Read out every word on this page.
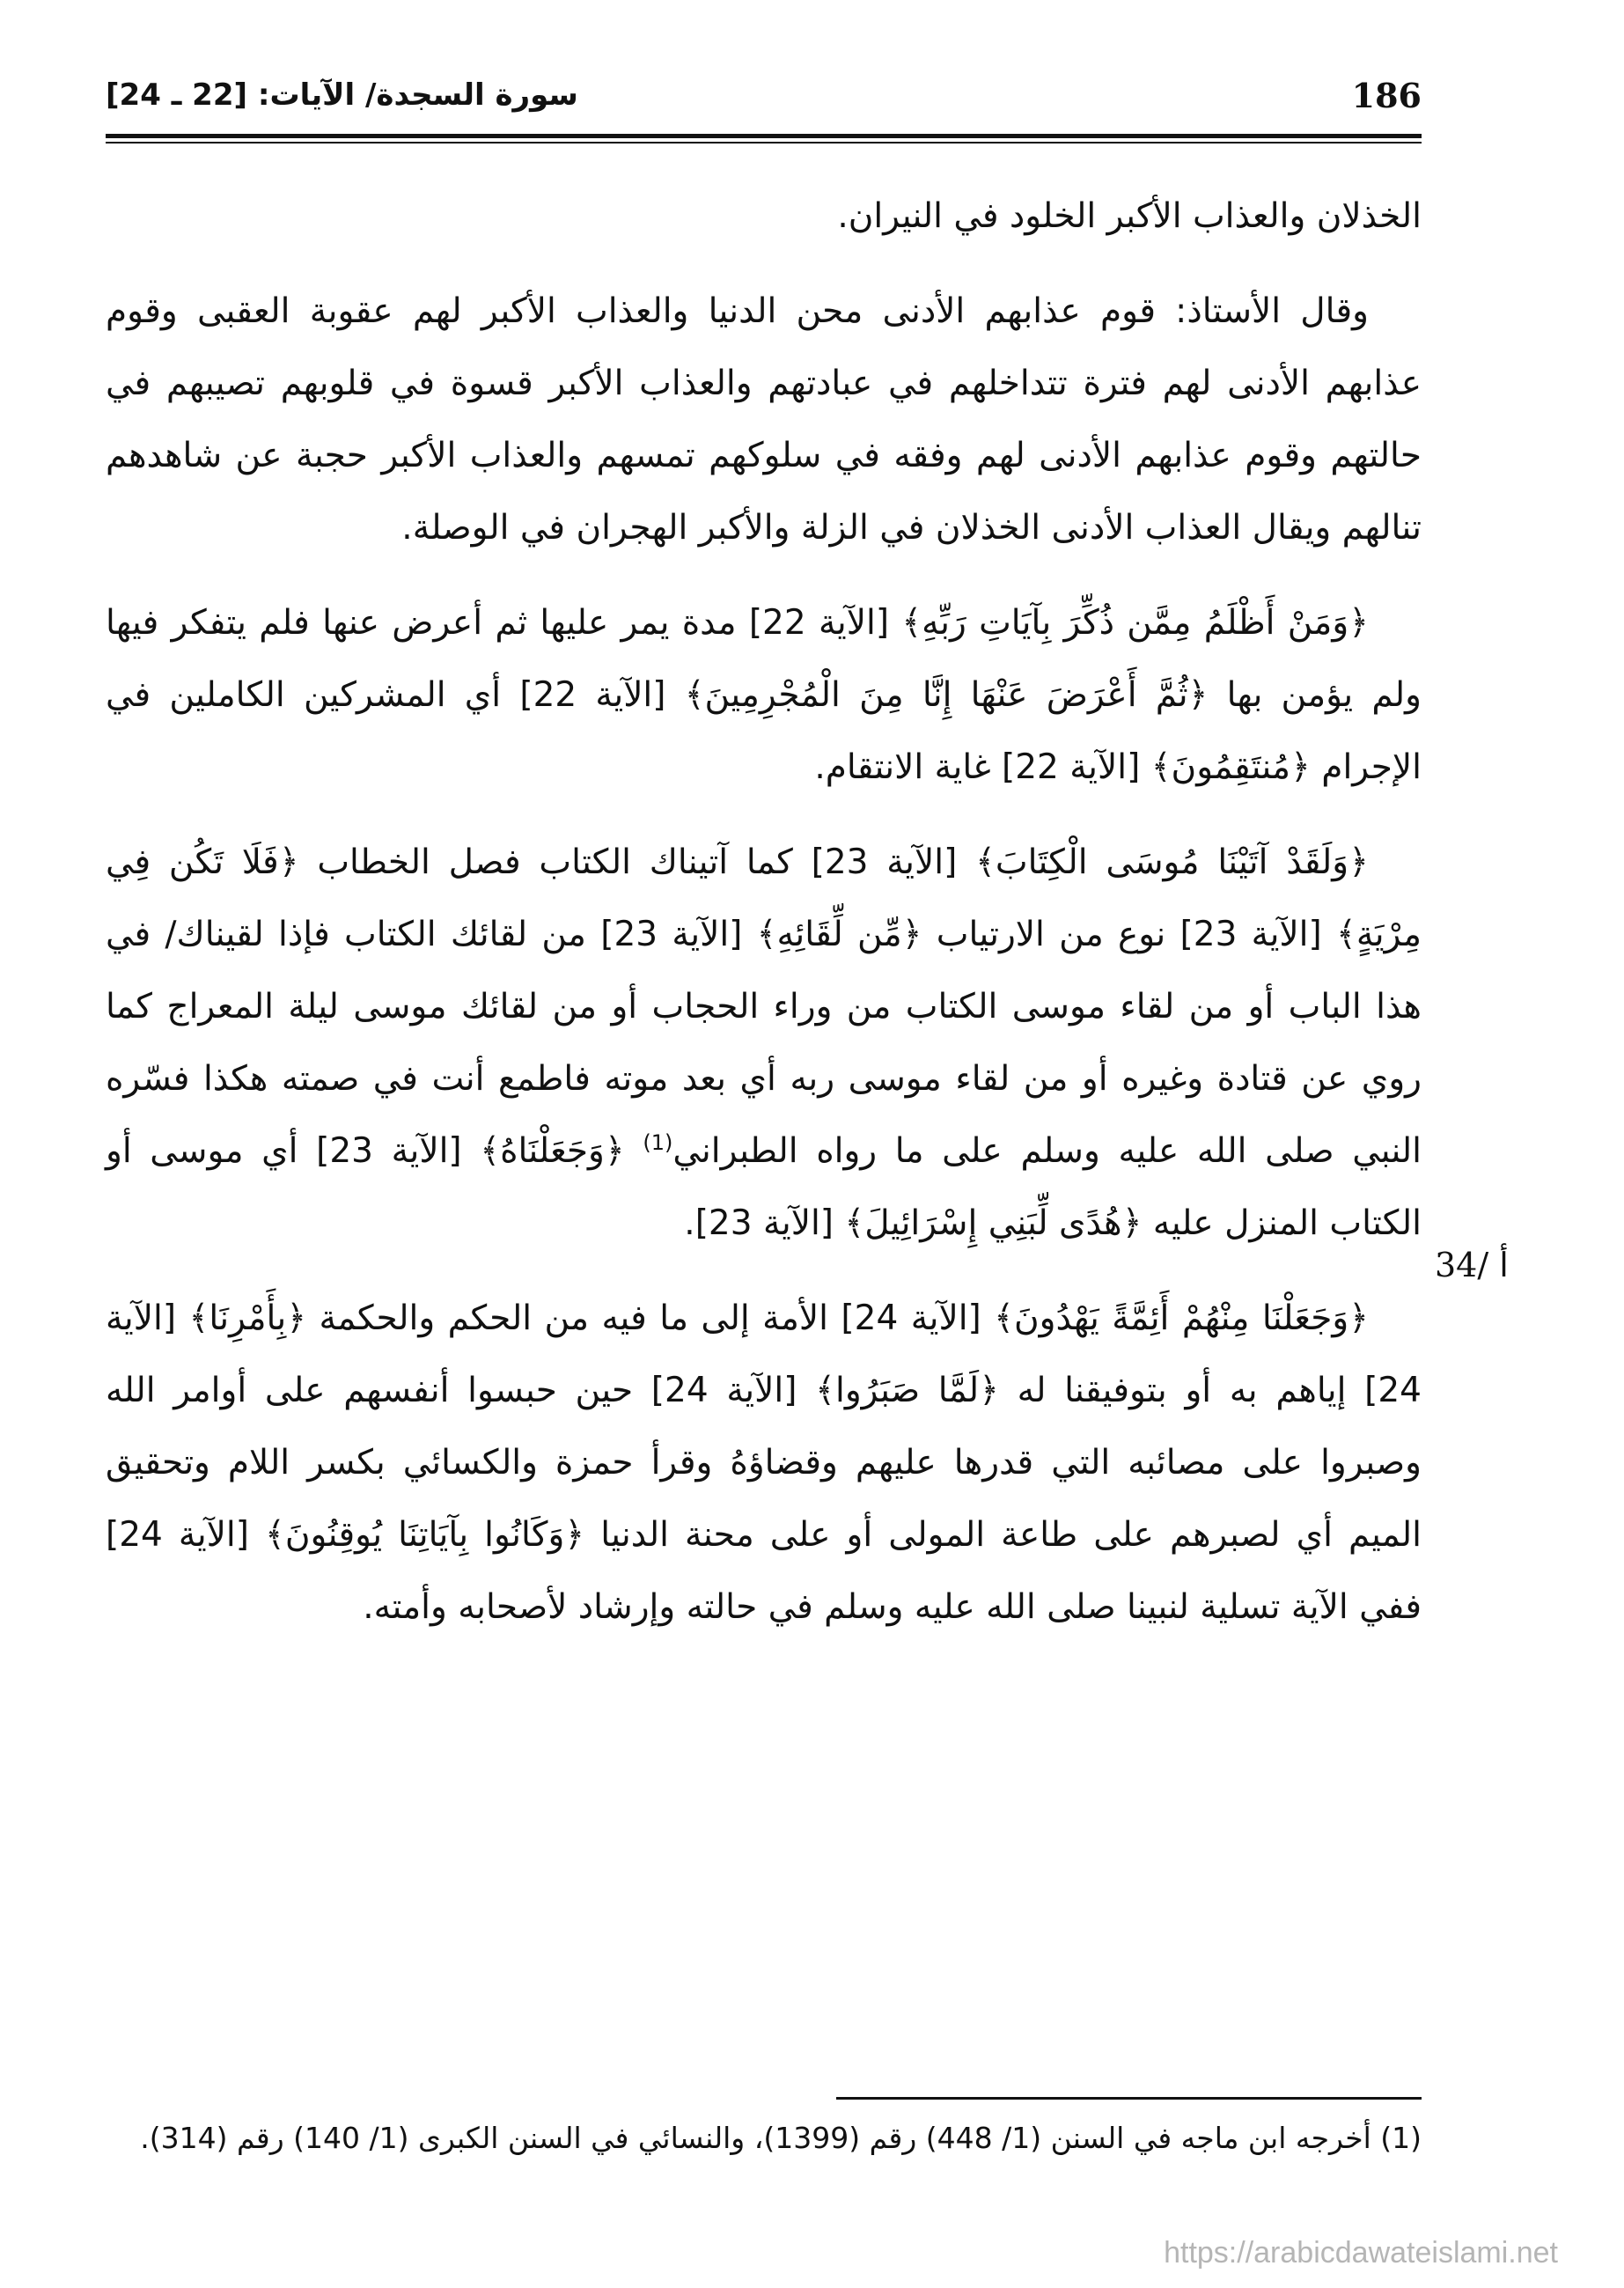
186
سورة السجدة/ الآيات: [22 ـ 24]

الخذلان والعذاب الأكبر الخلود في النيران.

وقال الأستاذ: قوم عذابهم الأدنى محن الدنيا والعذاب الأكبر لهم عقوبة العقبى وقوم عذابهم الأدنى لهم فترة تتداخلهم في عبادتهم والعذاب الأكبر قسوة في قلوبهم تصيبهم في حالتهم وقوم عذابهم الأدنى لهم وفقه في سلوكهم تمسهم والعذاب الأكبر حجبة عن شاهدهم تنالهم ويقال العذاب الأدنى الخذلان في الزلة والأكبر الهجران في الوصلة.

﴿وَمَنْ أَظْلَمُ مِمَّن ذُكِّرَ بِآيَاتِ رَبِّهِ﴾ [الآية 22] مدة يمر عليها ثم أعرض عنها فلم يتفكر فيها ولم يؤمن بها ﴿ثُمَّ أَعْرَضَ عَنْهَا إِنَّا مِنَ الْمُجْرِمِينَ﴾ [الآية 22] أي المشركين الكاملين في الإجرام ﴿مُنتَقِمُونَ﴾ [الآية 22] غاية الانتقام.

﴿وَلَقَدْ آتَيْنَا مُوسَى الْكِتَابَ﴾ [الآية 23] كما آتيناك الكتاب فصل الخطاب ﴿فَلَا تَكُن فِي مِرْيَةٍ﴾ [الآية 23] نوع من الارتياب ﴿مِّن لِّقَائِهِ﴾ [الآية 23] من لقائك الكتاب فإذا لقيناك/ في هذا الباب أو من لقاء موسى الكتاب من وراء الحجاب أو من لقائك موسى ليلة المعراج كما روي عن قتادة وغيره أو من لقاء موسى ربه أي بعد موته فاطمع أنت في صمته هكذا فسّره النبي صلى الله عليه وسلم على ما رواه الطبراني$^{(1)}$ ﴿وَجَعَلْنَاهُ﴾ [الآية 23] أي موسى أو الكتاب المنزل عليه ﴿هُدًى لِّبَنِي إِسْرَائِيلَ﴾ [الآية 23].

﴿وَجَعَلْنَا مِنْهُمْ أَئِمَّةً يَهْدُونَ﴾ [الآية 24] الأمة إلى ما فيه من الحكم والحكمة ﴿بِأَمْرِنَا﴾ [الآية 24] إياهم به أو بتوفيقنا له ﴿لَمَّا صَبَرُوا﴾ [الآية 24] حين حبسوا أنفسهم على أوامر الله وصبروا على مصائبه التي قدرها عليهم وقضاؤهُ وقرأ حمزة والكسائي بكسر اللام وتحقيق الميم أي لصبرهم على طاعة المولى أو على محنة الدنيا ﴿وَكَانُوا بِآيَاتِنَا يُوقِنُونَ﴾ [الآية 24] ففي الآية تسلية لنبينا صلى الله عليه وسلم في حالته وإرشاد لأصحابه وأمته.

34/ أ
(1) أخرجه ابن ماجه في السنن (1/ 448) رقم (1399)، والنسائي في السنن الكبرى (1/ 140) رقم (314).
https://arabicdawateislami.net
